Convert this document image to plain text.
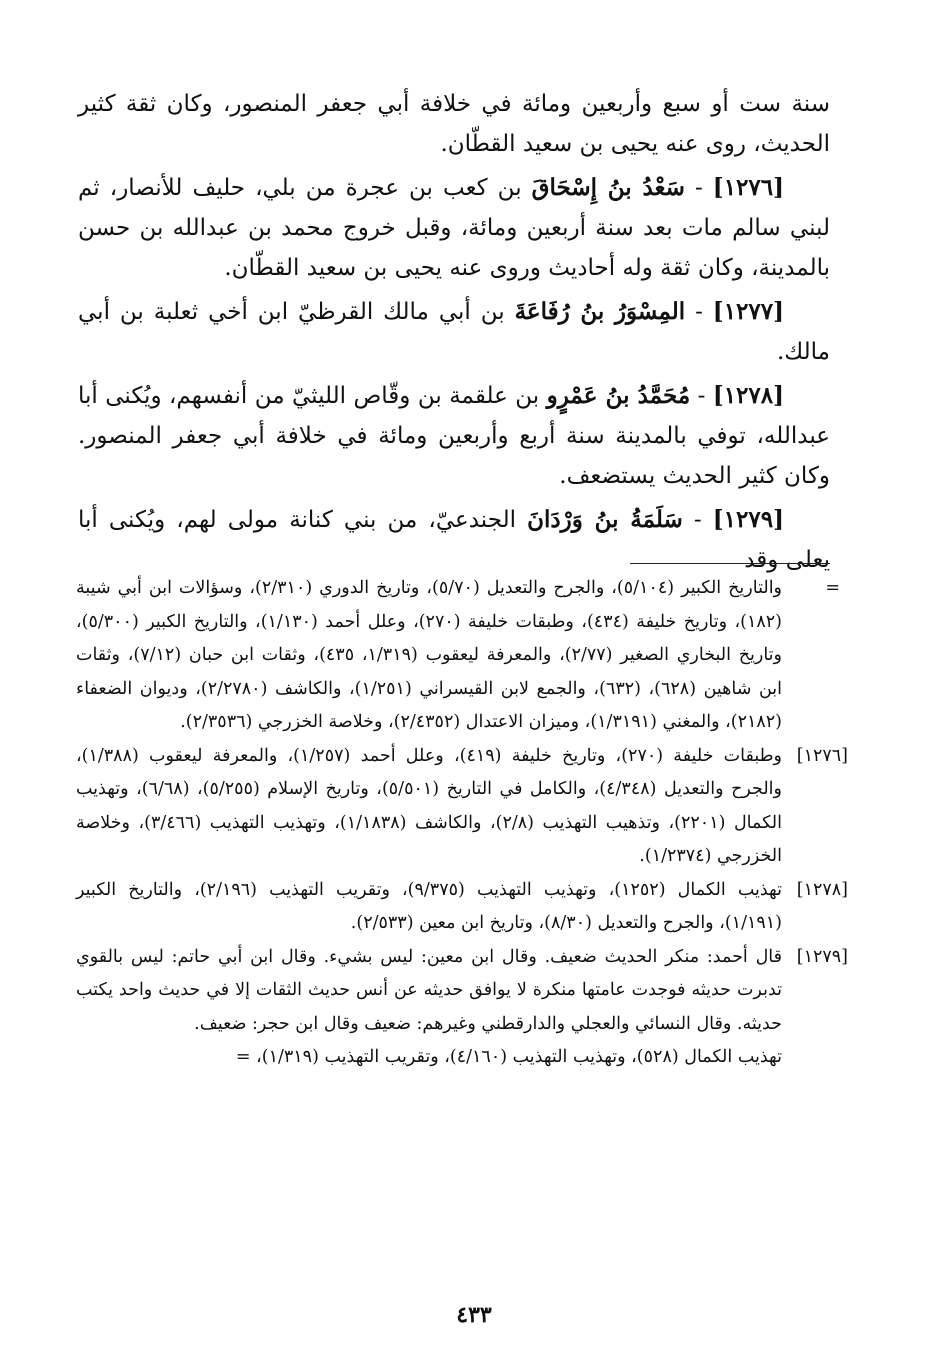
سنة ست أو سبع وأربعين ومائة في خلافة أبي جعفر المنصور، وكان ثقة كثير الحديث، روى عنه يحيى بن سعيد القطّان.

[١٢٧٦] - سَعْدُ بنُ إِسْحَاقَ بن كعب بن عجرة من بلي، حليف للأنصار، ثم لبني سالم مات بعد سنة أربعين ومائة، وقبل خروج محمد بن عبدالله بن حسن بالمدينة، وكان ثقة وله أحاديث وروى عنه يحيى بن سعيد القطّان.

[١٢٧٧] - المِسْوَرُ بنُ رُفَاعَةَ بن أبي مالك القرظيّ ابن أخي ثعلبة بن أبي مالك.

[١٢٧٨] - مُحَمَّدُ بنُ عَمْرٍو بن علقمة بن وقّاص الليثيّ من أنفسهم، ويُكنى أبا عبدالله، توفي بالمدينة سنة أربع وأربعين ومائة في خلافة أبي جعفر المنصور. وكان كثير الحديث يستضعف.

[١٢٧٩] - سَلَمَةُ بنُ وَرْدَانَ الجندعيّ، من بني كنانة مولى لهم، ويُكنى أبا يعلى وقد

=

والتاريخ الكبير (٥/١٠٤)، والجرح والتعديل (٥/٧٠)، وتاريخ الدوري (٢/٣١٠)، وسؤالات ابن أبي شيبة (١٨٢)، وتاريخ خليفة (٤٣٤)، وطبقات خليفة (٢٧٠)، وعلل أحمد (١/١٣٠)، والتاريخ الكبير (٥/٣٠٠)، وتاريخ البخاري الصغير (٢/٧٧)، والمعرفة ليعقوب (١/٣١٩، ٤٣٥)، وثقات ابن حبان (٧/١٢)، وثقات ابن شاهين (٦٢٨)، (٦٣٢)، والجمع لابن القيسراني (١/٢٥١)، والكاشف (٢/٢٧٨٠)، وديوان الضعفاء (٢١٨٢)، والمغني (١/٣١٩١)، وميزان الاعتدال (٢/٤٣٥٢)، وخلاصة الخزرجي (٢/٣٥٣٦).

[١٢٧٦]

وطبقات خليفة (٢٧٠)، وتاريخ خليفة (٤١٩)، وعلل أحمد (١/٢٥٧)، والمعرفة ليعقوب (١/٣٨٨)، والجرح والتعديل (٤/٣٤٨)، والكامل في التاريخ (٥/٥٠١)، وتاريخ الإسلام (٥/٢٥٥)، (٦/٦٨)، وتهذيب الكمال (٢٢٠١)، وتذهيب التهذيب (٢/٨)، والكاشف (١/١٨٣٨)، وتهذيب التهذيب (٣/٤٦٦)، وخلاصة الخزرجي (١/٢٣٧٤).

[١٢٧٨]

تهذيب الكمال (١٢٥٢)، وتهذيب التهذيب (٩/٣٧٥)، وتقريب التهذيب (٢/١٩٦)، والتاريخ الكبير (١/١٩١)، والجرح والتعديل (٨/٣٠)، وتاريخ ابن معين (٢/٥٣٣).

[١٢٧٩]

قال أحمد: منكر الحديث ضعيف. وقال ابن معين: ليس بشيء. وقال ابن أبي حاتم: ليس بالقوي تدبرت حديثه فوجدت عامتها منكرة لا يوافق حديثه عن أنس حديث الثقات إلا في حديث واحد يكتب حديثه. وقال النسائي والعجلي والدارقطني وغيرهم: ضعيف وقال ابن حجر: ضعيف.

تهذيب الكمال (٥٢٨)، وتهذيب التهذيب (٤/١٦٠)، وتقريب التهذيب (١/٣١٩)، =

٤٣٣
